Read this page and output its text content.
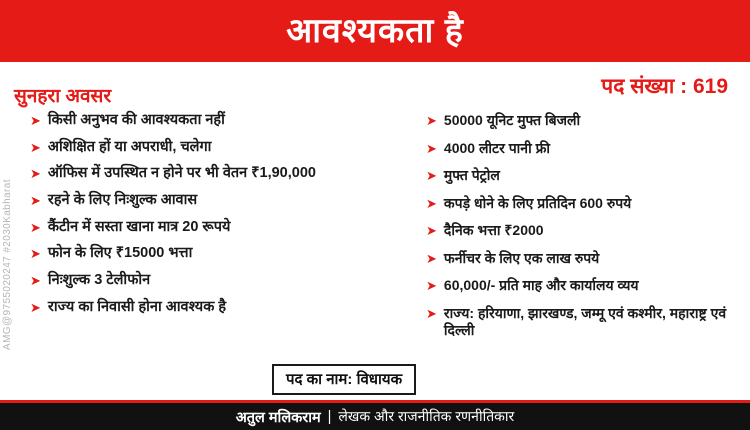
आवश्यकता है
सुनहरा अवसर	पद संख्या : 619
➤ किसी अनुभव की आवश्यकता नहीं
➤ अशिक्षित हों या अपराधी, चलेगा
➤ ऑफिस में उपस्थित न होने पर भी वेतन ₹1,90,000
➤ रहने के लिए निःशुल्क आवास
➤ कैंटीन में सस्ता खाना मात्र 20 रूपये
➤ फोन के लिए ₹15000 भत्ता
➤ निःशुल्क 3 टेलीफोन
➤ राज्य का निवासी होना आवश्यक है
➤ 50000 यूनिट मुफ्त बिजली
➤ 4000 लीटर पानी फ्री
➤ मुफ्त पेट्रोल
➤ कपड़े धोने के लिए प्रतिदिन 600 रुपये
➤ दैनिक भत्ता ₹2000
➤ फर्नीचर के लिए एक लाख रुपये
➤ 60,000/- प्रति माह और कार्यालय व्यय
➤ राज्य: हरियाणा, झारखण्ड, जम्मू एवं कश्मीर, महाराष्ट्र एवं दिल्ली
पद का नाम: विधायक
AMG@9755020247 #2030Kabharat
अतुल मलिकराम | लेखक और राजनीतिक रणनीतिकार
